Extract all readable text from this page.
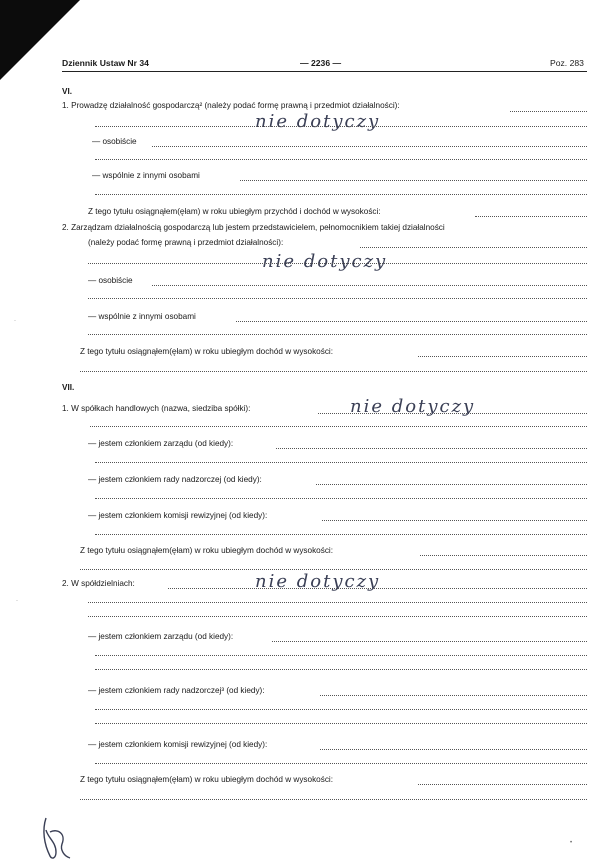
Dziennik Ustaw Nr 34	— 2236 —	Poz. 283
VI.
1. Prowadzę działalność gospodarczą² (należy podać formę prawną i przedmiot działalności):
nie dotyczy
— osobiście
— wspólnie z innymi osobami
Z tego tytułu osiągnąłem(ęłam) w roku ubiegłym przychód i dochód w wysokości:
2. Zarządzam działalnością gospodarczą lub jestem przedstawicielem, pełnomocnikiem takiej działalności
(należy podać formę prawną i przedmiot działalności):
nie dotyczy
— osobiście
— wspólnie z innymi osobami
Z tego tytułu osiągnąłem(ęłam) w roku ubiegłym dochód w wysokości:
VII.
1. W spółkach handlowych (nazwa, siedziba spółki):	nie dotyczy
— jestem członkiem zarządu (od kiedy):
— jestem członkiem rady nadzorczej (od kiedy):
— jestem członkiem komisji rewizyjnej (od kiedy):
Z tego tytułu osiągnąłem(ęłam) w roku ubiegłym dochód w wysokości:
2. W spółdzielniach:	nie dotyczy
— jestem członkiem zarządu (od kiedy):
— jestem członkiem rady nadzorczej³ (od kiedy):
— jestem członkiem komisji rewizyjnej (od kiedy):
Z tego tytułu osiągnąłem(ęłam) w roku ubiegłym dochód w wysokości:
•
·
·
